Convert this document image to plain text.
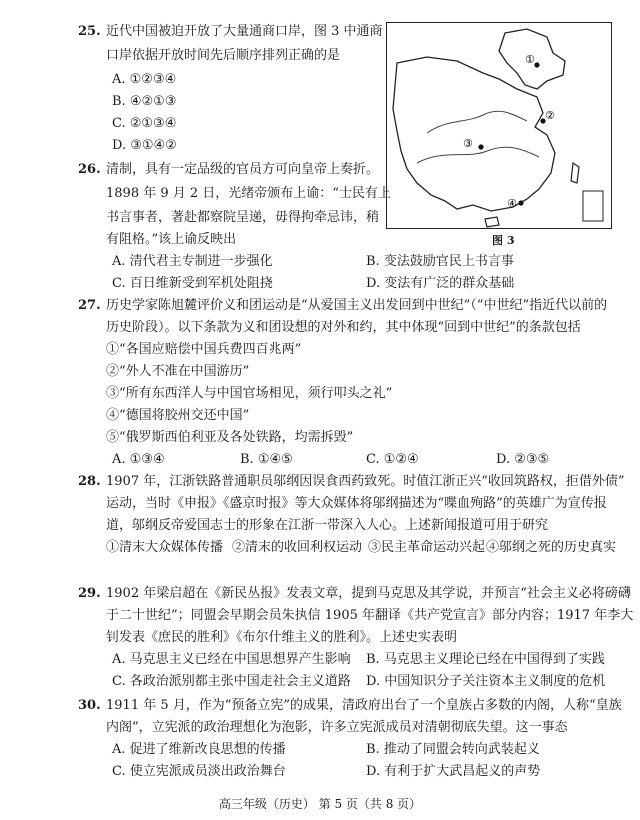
25. 近代中国被迫开放了大量通商口岸，图 3 中通商
口岸依据开放时间先后顺序排列正确的是
A. ①②③④
B. ④②①③
C. ②①③④
D. ③①④②
①
②
③
④
图 3
26. 清制，具有一定品级的官员方可向皇帝上奏折。
1898 年 9 月 2 日，光绪帝颁布上谕：“士民有上
书言事者，著赴都察院呈递，毋得拘牵忌讳，稍
有阻格。”该上谕反映出
A. 清代君主专制进一步强化	B. 变法鼓励官民上书言事
C. 百日维新受到军机处阻挠	D. 变法有广泛的群众基础
27. 历史学家陈旭麓评价义和团运动是“从爱国主义出发回到中世纪”（“中世纪”指近代以前的
历史阶段）。以下条款为义和团设想的对外和约，其中体现“回到中世纪”的条款包括
①“各国应赔偿中国兵费四百兆两”
②“外人不准在中国游历”
③“所有东西洋人与中国官场相见，须行叩头之礼”
④“德国将胶州交还中国”
⑤“俄罗斯西伯利亚及各处铁路，均需拆毁”
A. ①③④	B. ①④⑤	C. ①②④	D. ②③⑤
28. 1907 年，江浙铁路普通职员邬纲因误食西药致死。时值江浙正兴“收回筑路权，拒借外债”
运动，当时《申报》《盛京时报》等大众媒体将邬纲描述为“喋血殉路”的英雄广为宣传报
道，邬纲反帝爱国志士的形象在江浙一带深入人心。上述新闻报道可用于研究
①清末大众媒体传播 ②清末的收回利权运动 ③民主革命运动兴起 ④邬纲之死的历史真实
29. 1902 年梁启超在《新民丛报》发表文章，提到马克思及其学说，并预言“社会主义必将磅礴
于二十世纪”；同盟会早期会员朱执信 1905 年翻译《共产党宣言》部分内容；1917 年李大
钊发表《庶民的胜利》《布尔什维主义的胜利》。上述史实表明
A. 马克思主义已经在中国思想界产生影响 B. 马克思主义理论已经在中国得到了实践
C. 各政治派别都主张中国走社会主义道路 D. 中国知识分子关注资本主义制度的危机
30. 1911 年 5 月，作为“预备立宪”的成果，清政府出台了一个皇族占多数的内阁，人称“皇族
内阁”，立宪派的政治理想化为泡影，许多立宪派成员对清朝彻底失望。这一事态
A. 促进了维新改良思想的传播	B. 推动了同盟会转向武装起义
C. 使立宪派成员淡出政治舞台	D. 有利于扩大武昌起义的声势
高三年级（历史） 第 5 页（共 8 页）
